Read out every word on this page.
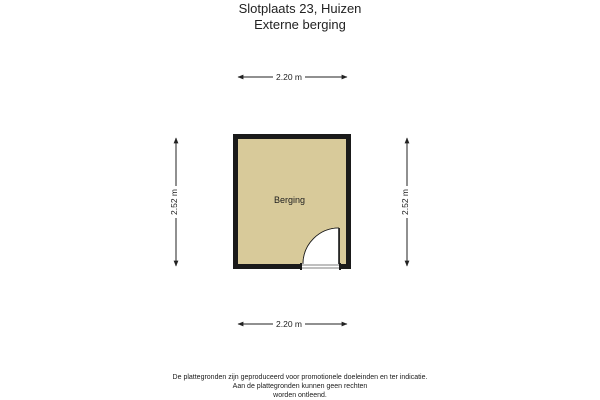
Slotplaats 23, Huizen
Externe berging
2.20 m
2.20 m
2.52 m	2.52 m
Berging
De plattegronden zijn geproduceerd voor promotionele doeleinden en ter indicatie.
Aan de plattegronden kunnen geen rechten
worden ontleend.
